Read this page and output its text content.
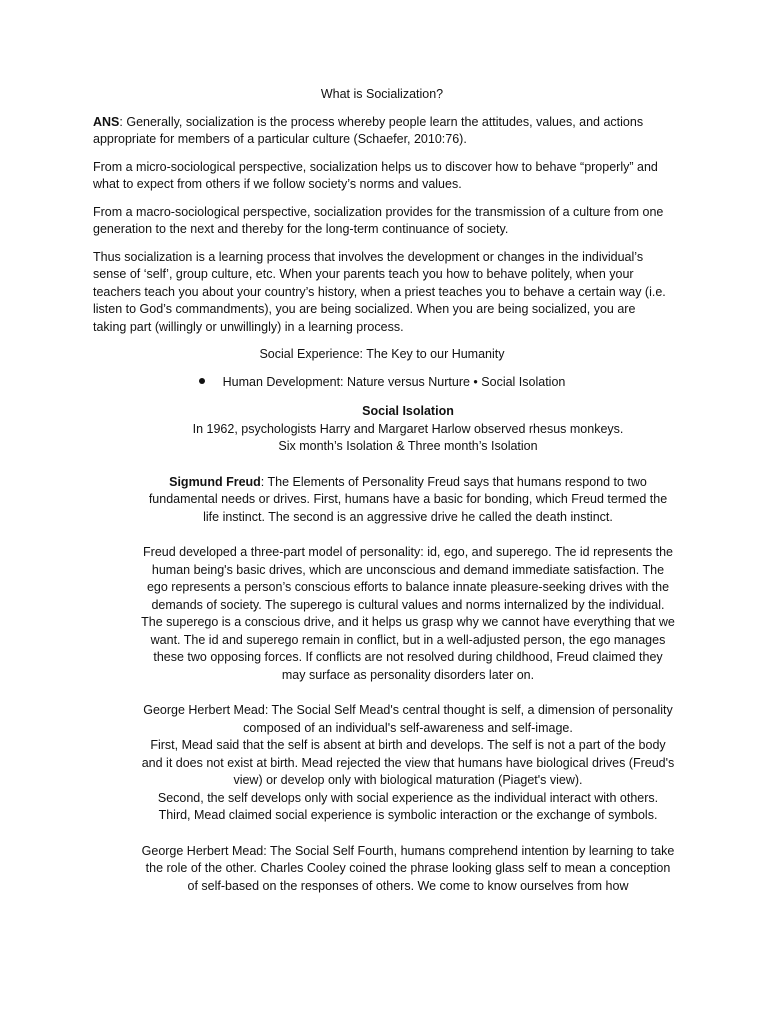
What is Socialization?
ANS: Generally, socialization is the process whereby people learn the attitudes, values, and actions appropriate for members of a particular culture (Schaefer, 2010:76).
From a micro-sociological perspective, socialization helps us to discover how to behave “properly” and what to expect from others if we follow society’s norms and values.
From a macro-sociological perspective, socialization provides for the transmission of a culture from one generation to the next and thereby for the long-term continuance of society.
Thus socialization is a learning process that involves the development or changes in the individual’s sense of ‘self’, group culture, etc. When your parents teach you how to behave politely, when your teachers teach you about your country’s history, when a priest teaches you to behave a certain way (i.e. listen to God’s commandments), you are being socialized. When you are being socialized, you are taking part (willingly or unwillingly) in a learning process.
Social Experience: The Key to our Humanity
Human Development: Nature versus Nurture • Social Isolation
Social Isolation
In 1962, psychologists Harry and Margaret Harlow observed rhesus monkeys.
Six month’s Isolation & Three month’s Isolation
Sigmund Freud: The Elements of Personality Freud says that humans respond to two fundamental needs or drives. First, humans have a basic for bonding, which Freud termed the life instinct. The second is an aggressive drive he called the death instinct.
Freud developed a three-part model of personality: id, ego, and superego. The id represents the human being's basic drives, which are unconscious and demand immediate satisfaction. The ego represents a person’s conscious efforts to balance innate pleasure-seeking drives with the demands of society. The superego is cultural values and norms internalized by the individual.
The superego is a conscious drive, and it helps us grasp why we cannot have everything that we want. The id and superego remain in conflict, but in a well-adjusted person, the ego manages these two opposing forces. If conflicts are not resolved during childhood, Freud claimed they may surface as personality disorders later on.
George Herbert Mead: The Social Self Mead's central thought is self, a dimension of personality composed of an individual's self-awareness and self-image.
First, Mead said that the self is absent at birth and develops. The self is not a part of the body and it does not exist at birth. Mead rejected the view that humans have biological drives (Freud's view) or develop only with biological maturation (Piaget's view).
Second, the self develops only with social experience as the individual interact with others.
Third, Mead claimed social experience is symbolic interaction or the exchange of symbols.
George Herbert Mead: The Social Self Fourth, humans comprehend intention by learning to take the role of the other. Charles Cooley coined the phrase looking glass self to mean a conception of self-based on the responses of others. We come to know ourselves from how
